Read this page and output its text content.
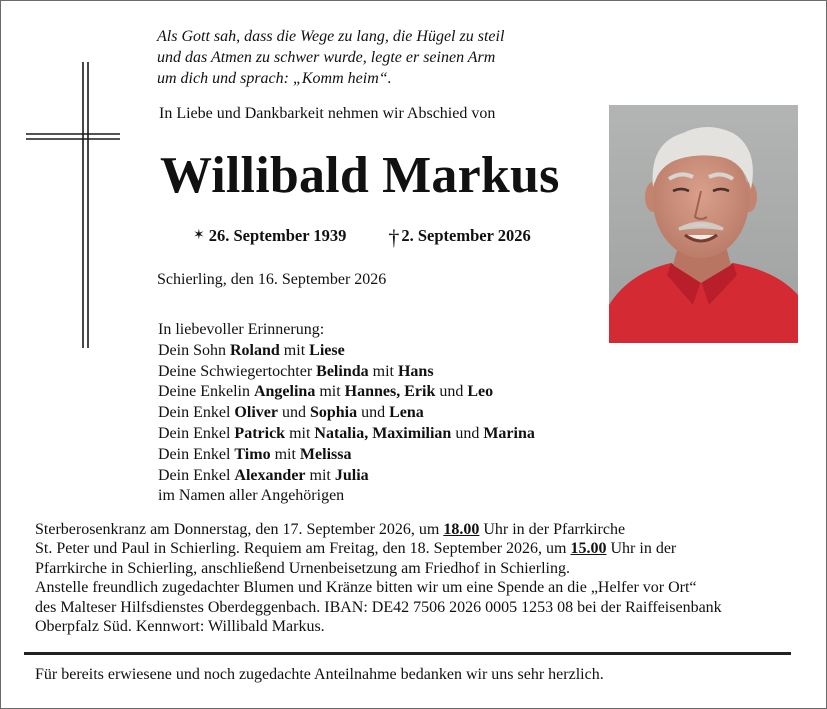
Als Gott sah, dass die Wege zu lang, die Hügel zu steil
und das Atmen zu schwer wurde, legte er seinen Arm
um dich und sprach: „Komm heim“.
In Liebe und Dankbarkeit nehmen wir Abschied von
Willibald Markus
✶ 26. September 1939 † 2. September 2026
Schierling, den 16. September 2026
In liebevoller Erinnerung:
Dein Sohn Roland mit Liese
Deine Schwiegertochter Belinda mit Hans
Deine Enkelin Angelina mit Hannes, Erik und Leo
Dein Enkel Oliver und Sophia und Lena
Dein Enkel Patrick mit Natalia, Maximilian und Marina
Dein Enkel Timo mit Melissa
Dein Enkel Alexander mit Julia
im Namen aller Angehörigen
Sterberosenkranz am Donnerstag, den 17. September 2026, um 18.00 Uhr in der Pfarrkirche
St. Peter und Paul in Schierling. Requiem am Freitag, den 18. September 2026, um 15.00 Uhr in der
Pfarrkirche in Schierling, anschließend Urnenbeisetzung am Friedhof in Schierling.
Anstelle freundlich zugedachter Blumen und Kränze bitten wir um eine Spende an die „Helfer vor Ort“
des Malteser Hilfsdienstes Oberdeggenbach. IBAN: DE42 7506 2026 0005 1253 08 bei der Raiffeisenbank
Oberpfalz Süd. Kennwort: Willibald Markus.
Für bereits erwiesene und noch zugedachte Anteilnahme bedanken wir uns sehr herzlich.
